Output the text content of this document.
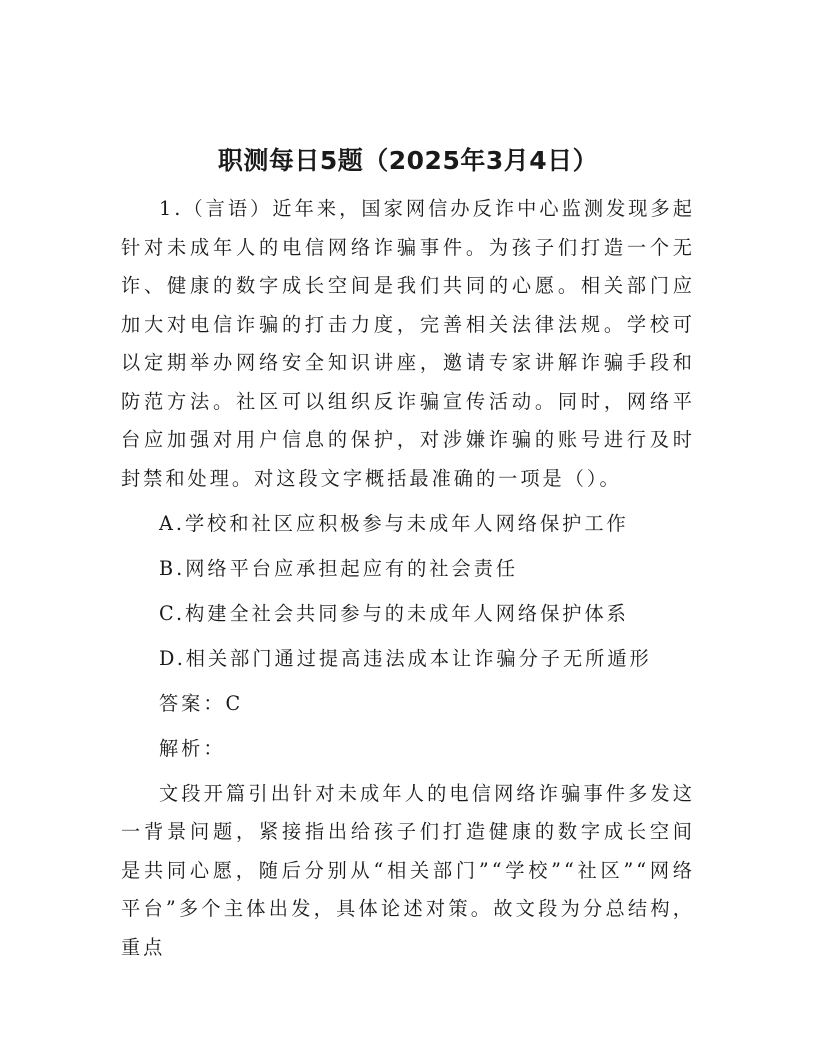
职测每日5题（2025年3月4日）

1.（言语）近年来，国家网信办反诈中心监测发现多起针对未成年人的电信网络诈骗事件。为孩子们打造一个无诈、健康的数字成长空间是我们共同的心愿。相关部门应加大对电信诈骗的打击力度，完善相关法律法规。学校可以定期举办网络安全知识讲座，邀请专家讲解诈骗手段和防范方法。社区可以组织反诈骗宣传活动。同时，网络平台应加强对用户信息的保护，对涉嫌诈骗的账号进行及时封禁和处理。对这段文字概括最准确的一项是（）。

A.学校和社区应积极参与未成年人网络保护工作

B.网络平台应承担起应有的社会责任

C.构建全社会共同参与的未成年人网络保护体系

D.相关部门通过提高违法成本让诈骗分子无所遁形

答案：C

解析：

文段开篇引出针对未成年人的电信网络诈骗事件多发这一背景问题，紧接指出给孩子们打造健康的数字成长空间是共同心愿，随后分别从“相关部门”“学校”“社区”“网络平台”多个主体出发，具体论述对策。故文段为分总结构，重点
